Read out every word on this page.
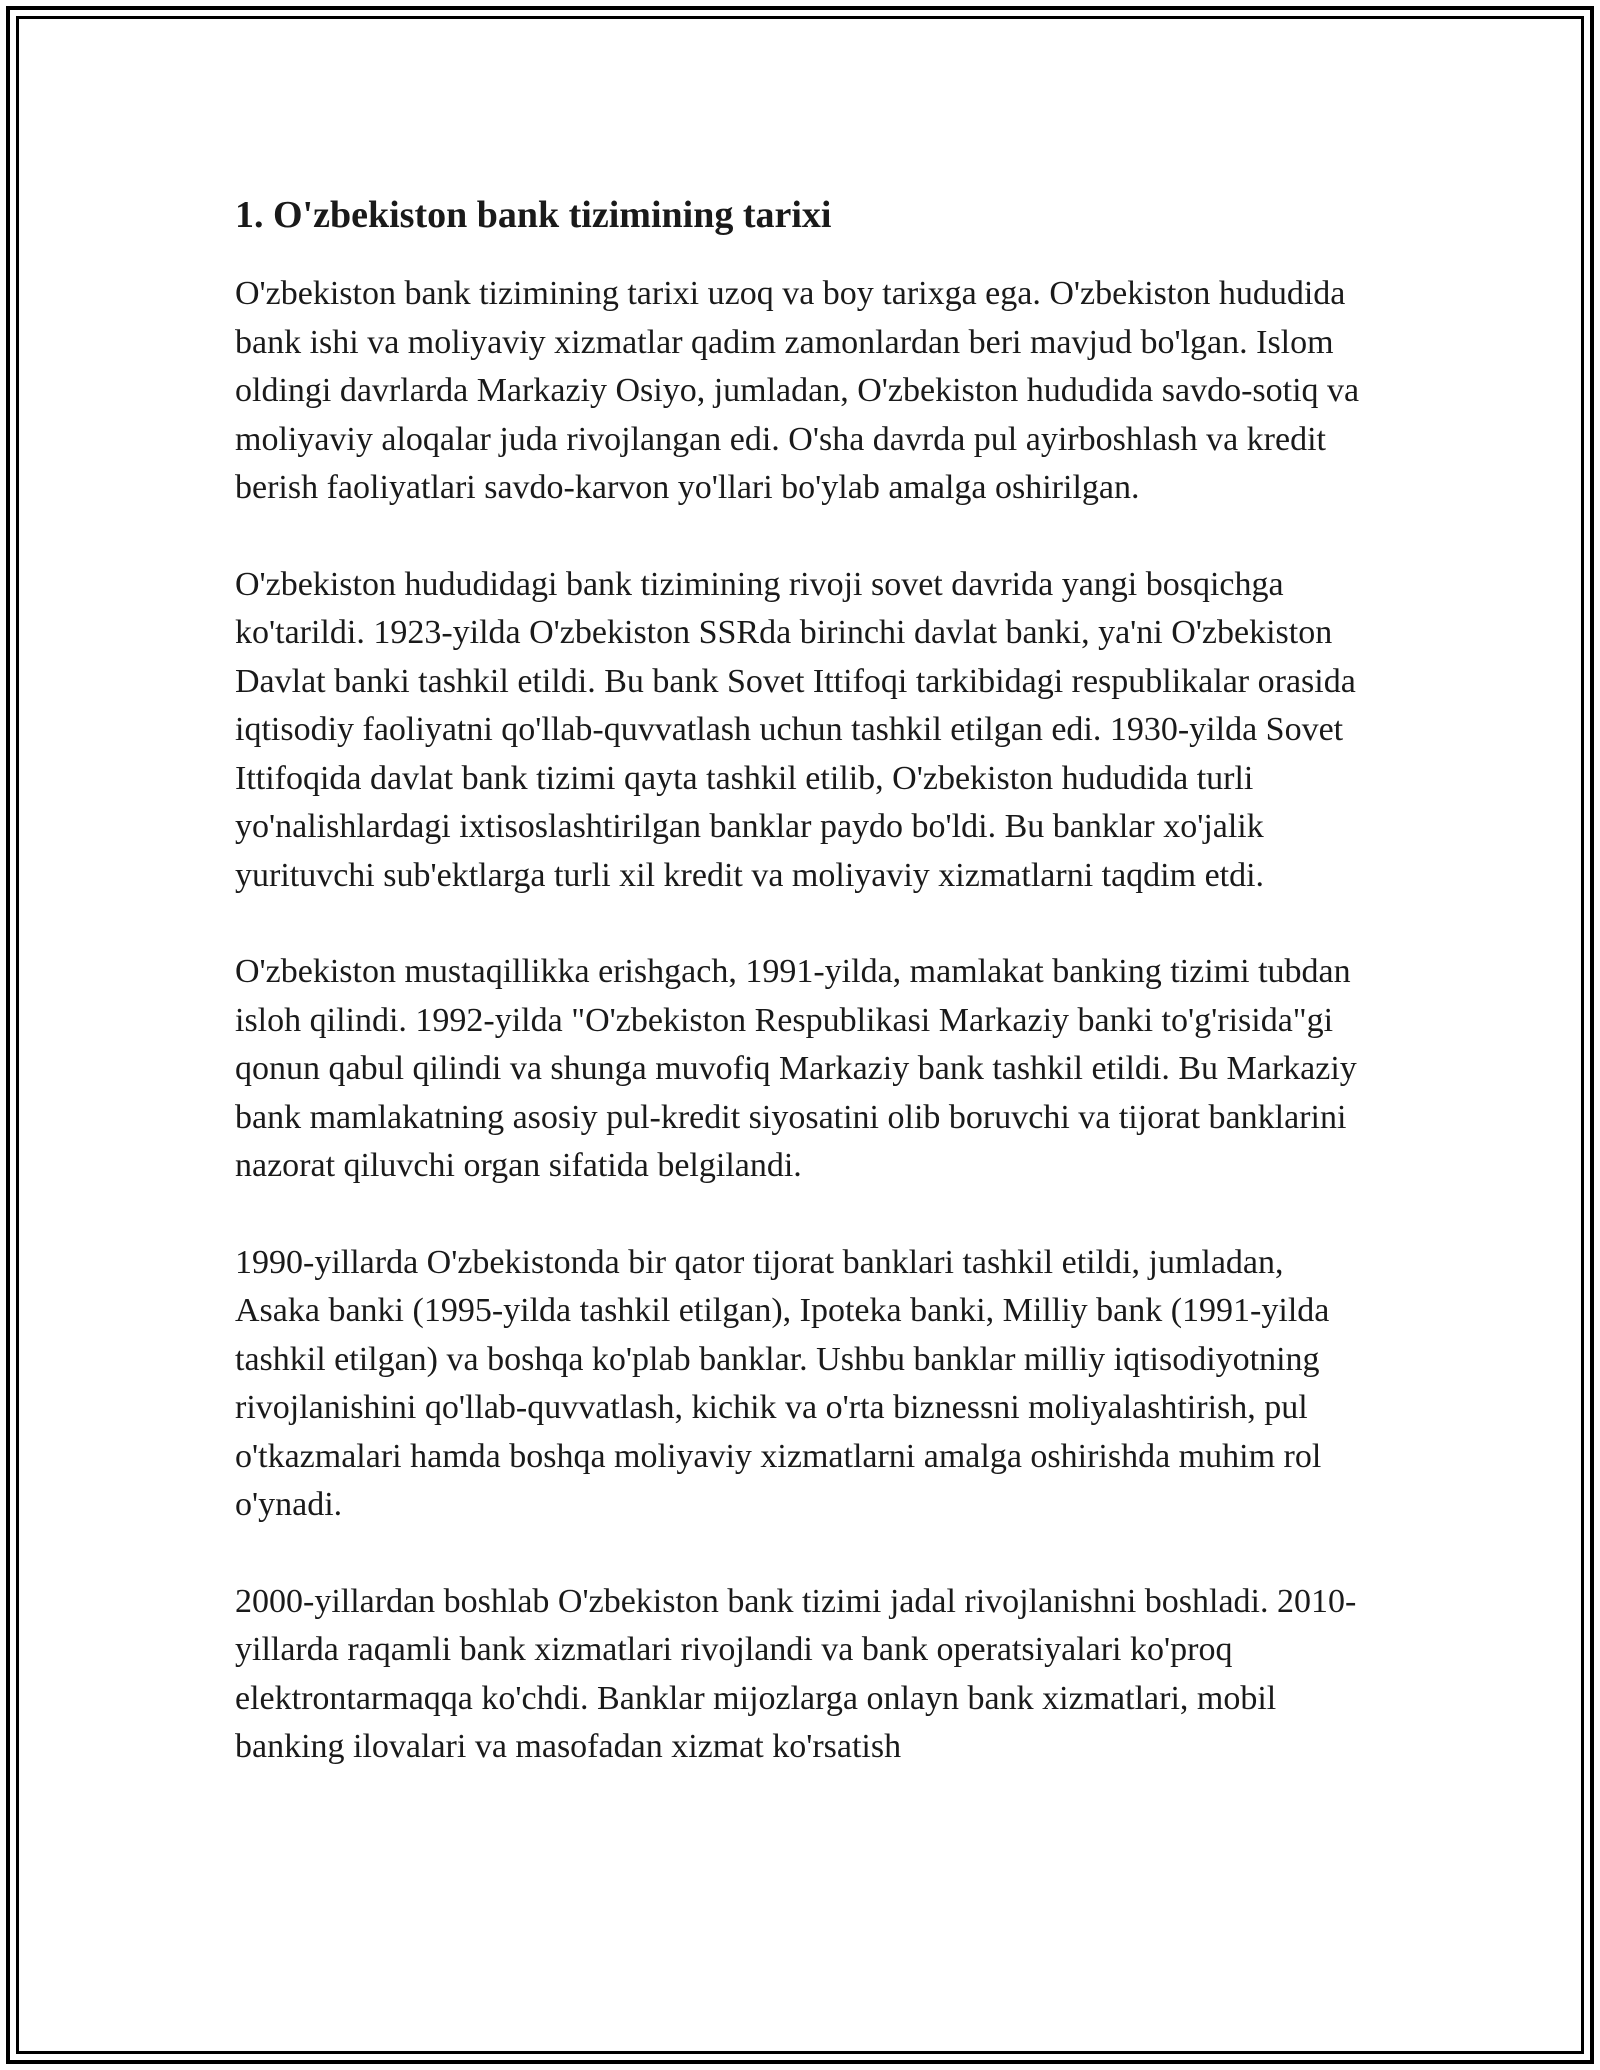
1. O'zbekiston bank tizimining tarixi

O'zbekiston bank tizimining tarixi uzoq va boy tarixga ega. O'zbekiston hududida bank ishi va moliyaviy xizmatlar qadim zamonlardan beri mavjud bo'lgan. Islom oldingi davrlarda Markaziy Osiyo, jumladan, O'zbekiston hududida savdo-sotiq va moliyaviy aloqalar juda rivojlangan edi. O'sha davrda pul ayirboshlash va kredit berish faoliyatlari savdo-karvon yo'llari bo'ylab amalga oshirilgan.

O'zbekiston hududidagi bank tizimining rivoji sovet davrida yangi bosqichga ko'tarildi. 1923-yilda O'zbekiston SSRda birinchi davlat banki, ya'ni O'zbekiston Davlat banki tashkil etildi. Bu bank Sovet Ittifoqi tarkibidagi respublikalar orasida iqtisodiy faoliyatni qo'llab-quvvatlash uchun tashkil etilgan edi. 1930-yilda Sovet Ittifoqida davlat bank tizimi qayta tashkil etilib, O'zbekiston hududida turli yo'nalishlardagi ixtisoslashtirilgan banklar paydo bo'ldi. Bu banklar xo'jalik yurituvchi sub'ektlarga turli xil kredit va moliyaviy xizmatlarni taqdim etdi.

O'zbekiston mustaqillikka erishgach, 1991-yilda, mamlakat banking tizimi tubdan isloh qilindi. 1992-yilda "O'zbekiston Respublikasi Markaziy banki to'g'risida"gi qonun qabul qilindi va shunga muvofiq Markaziy bank tashkil etildi. Bu Markaziy bank mamlakatning asosiy pul-kredit siyosatini olib boruvchi va tijorat banklarini nazorat qiluvchi organ sifatida belgilandi.

1990-yillarda O'zbekistonda bir qator tijorat banklari tashkil etildi, jumladan, Asaka banki (1995-yilda tashkil etilgan), Ipoteka banki, Milliy bank (1991-yilda tashkil etilgan) va boshqa ko'plab banklar. Ushbu banklar milliy iqtisodiyotning rivojlanishini qo'llab-quvvatlash, kichik va o'rta biznessni moliyalashtirish, pul o'tkazmalari hamda boshqa moliyaviy xizmatlarni amalga oshirishda muhim rol o'ynadi.

2000-yillardan boshlab O'zbekiston bank tizimi jadal rivojlanishni boshladi. 2010-yillarda raqamli bank xizmatlari rivojlandi va bank operatsiyalari ko'proq elektrontarmaqqa ko'chdi. Banklar mijozlarga onlayn bank xizmatlari, mobil banking ilovalari va masofadan xizmat ko'rsatish
